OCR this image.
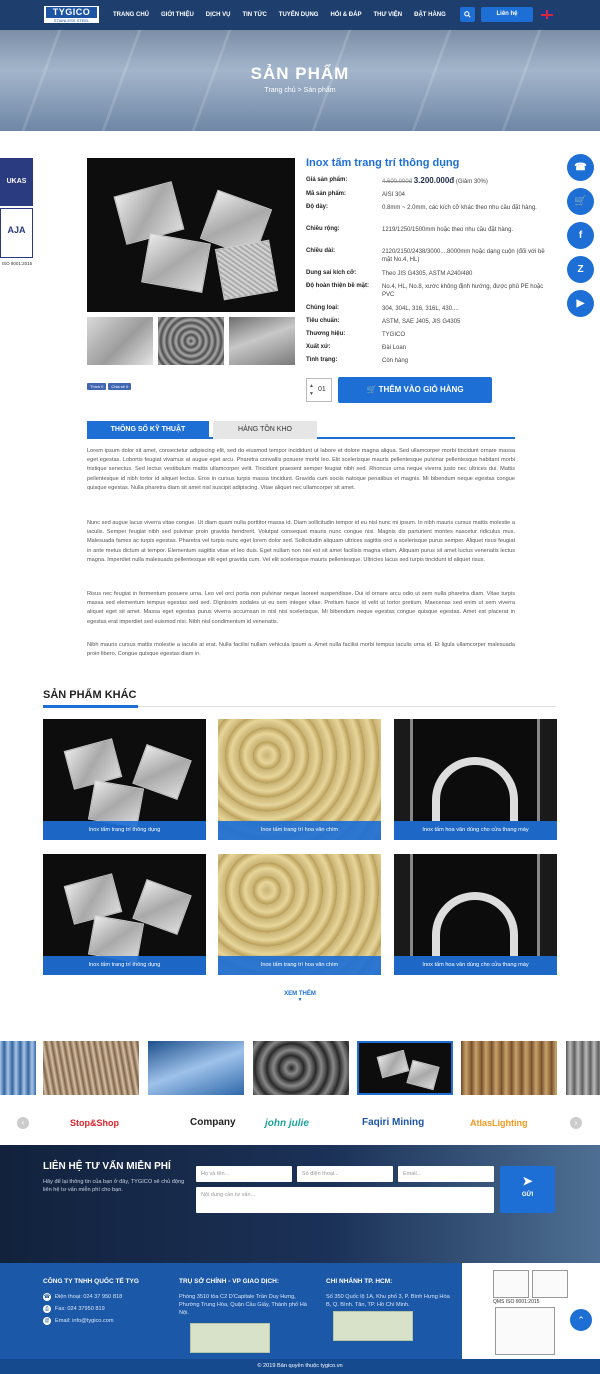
TYGICO
STAINLESS STEEL
TRANG CHỦ	GIỚI THIỆU	DỊCH VỤ	TIN TỨC	TUYỂN DỤNG	HỎI & ĐÁP	THƯ VIỆN	ĐẶT HÀNG	Liên hệ
SẢN PHẨM
Trang chủ > Sản phẩm
UKAS
AJA
ISO 9001:2015
Thích 0	Chia sẻ 0
Inox tấm trang trí thông dụng
Giá sản phẩm:	4.600.000đ 3.200.000đ (Giảm 30%)
Mã sản phẩm:	AISI 304
Độ dày:	0.8mm ~ 2.0mm, các kích cỡ khác theo nhu cầu đặt hàng.
Chiều rộng:	1219/1250/1500mm hoặc theo nhu cầu đặt hàng.
Chiều dài:	2120/2150/2438/3000....8000mm hoặc dạng cuộn (đối với bề mặt No.4, HL)
Dung sai kích cỡ:	Theo JIS G4305, ASTM A240/480
Độ hoàn thiện bề mặt:	No.4, HL, No.8, xước không định hướng, được phủ PE hoặc PVC
Chủng loại:	304, 304L, 316, 316L, 430....
Tiêu chuẩn:	ASTM, SAE J405, JIS G4305
Thương hiệu:	TYGICO
Xuất xứ:	Đài Loan
Tình trạng:	Còn hàng
▲
▼
01	🛒 THÊM VÀO GIỎ HÀNG
☎
🛒
f
Z
▶
THÔNG SỐ KỸ THUẬT	HÀNG TỒN KHO
Lorem ipsum dolor sit amet, consectetur adipiscing elit, sed do eiusmod tempor incididunt ut labore et dolore magna aliqua. Sed ullamcorper morbi tincidunt ornare massa eget egestas. Lobortis feugiat vivamus at augue eget arcu. Pharetra convallis posuere morbi leo. Elit scelerisque mauris pellentesque pulvinar pellentesque habitant morbi tristique senectus. Sed lectus vestibulum mattis ullamcorper velit. Tincidunt praesent semper feugiat nibh sed. Rhoncus urna neque viverra justo nec ultrices dui. Mattis pellentesque id nibh tortor id aliquet lectus. Eros in cursus turpis massa tincidunt. Gravida cum sociis natoque penatibus et magnis. Mi bibendum neque egestas congue quisque egestas. Nulla pharetra diam sit amet nisl suscipit adipiscing. Vitae aliquet nec ullamcorper sit amet.
Nunc sed augue lacus viverra vitae congue. Ut diam quam nulla porttitor massa id. Diam sollicitudin tempor id eu nisl nunc mi ipsum. In nibh mauris cursus mattis molestie a iaculis. Semper feugiat nibh sed pulvinar proin gravida hendrerit. Volutpat consequat mauris nunc congue nisi. Magnis dis parturient montes nascetur ridiculus mus. Malesuada fames ac turpis egestas. Pharetra vel turpis nunc eget lorem dolor sed. Sollicitudin aliquam ultrices sagittis orci a scelerisque purus semper. Aliquet risus feugiat in ante metus dictum at tempor. Elementum sagittis vitae et leo duis. Eget nullam non nisi est sit amet facilisis magna etiam. Aliquam purus sit amet luctus venenatis lectus magna. Imperdiet nulla malesuada pellentesque elit eget gravida cum. Vel elit scelerisque mauris pellentesque. Ultricies lacus sed turpis tincidunt id aliquet risus.
Risus nec feugiat in fermentum posuere urna. Leo vel orci porta non pulvinar neque laoreet suspendisse. Dui id ornare arcu odio ut sem nulla pharetra diam. Vitae turpis massa sed elementum tempus egestas sed sed. Dignissim sodales ut eu sem integer vitae. Pretium fusce id velit ut tortor pretium. Maecenas sed enim ut sem viverra aliquet eget sit amet. Massa eget egestas purus viverra accumsan in nisl nisi scelerisque. Mi bibendum neque egestas congue quisque egestas. Amet est placerat in egestas erat imperdiet sed euismod nisi. Nibh nisl condimentum id venenatis.
Nibh mauris cursus mattis molestie a iaculis at erat. Nulla facilisi nullam vehicula ipsum a. Amet nulla facilisi morbi tempus iaculis urna id. Et ligula ullamcorper malesuada proin libero. Congue quisque egestas diam in.
SẢN PHẨM KHÁC
Inox tấm trang trí thông dụng	Inox tấm trang trí hoa văn chìm	Inox tấm hoa văn dùng cho cửa thang máy
Inox tấm trang trí thông dụng	Inox tấm trang trí hoa văn chìm	Inox tấm hoa văn dùng cho cửa thang máy
XEM THÊM
▼
‹	Stop&Shop	Company	john julie	Faqiri Mining	AtlasLighting	›
LIÊN HỆ TƯ VẤN MIỄN PHÍ

Hãy để lại thông tin của bạn ở đây, TYGICO sẽ chủ động liên hệ tư vấn miễn phí cho bạn.

Họ và tên...	Số điện thoại...	Email...
Nội dung cần tư vấn...
➤
GỬI
CÔNG TY TNHH QUỐC TẾ TYG
☎ Điện thoại: 024 37 950 818
⎙	Fax: 024 37950 819
@ Email: info@tygico.com
TRỤ SỞ CHÍNH - VP GIAO DỊCH:
Phòng 3510 tòa C2 D'Capitale Trần Duy Hưng, Phường Trung Hòa, Quận Cầu Giấy, Thành phố Hà Nội.
CHI NHÁNH TP. HCM:
Số 350 Quốc lộ 1A, Khu phố 3, P. Bình Hưng Hòa B, Q. Bình. Tân, TP. Hồ Chí Minh.	QMS ISO 9001:2015
⌃
© 2019 Bản quyền thuộc tygico.vn
